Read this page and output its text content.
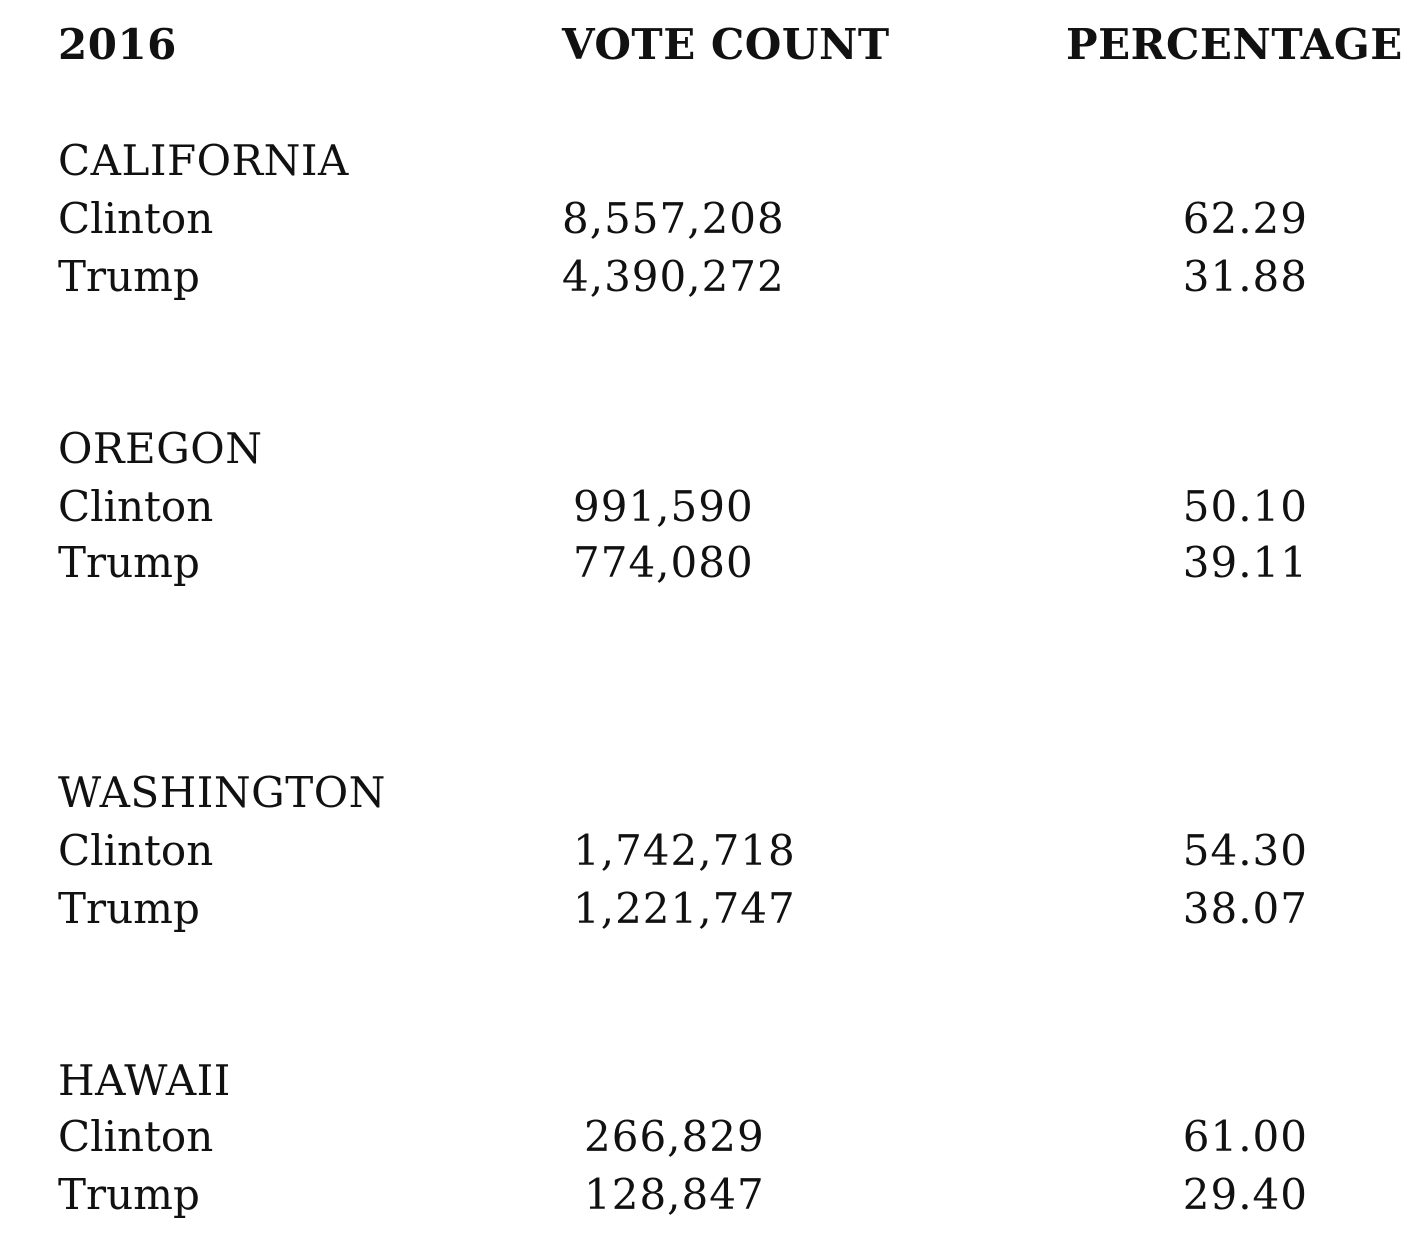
2016	VOTE COUNT	PERCENTAGE
CALIFORNIA
Clinton	8,557,208	62.29
Trump	4,390,272	31.88
OREGON
Clinton	991,590	50.10
Trump	774,080	39.11
WASHINGTON
Clinton	1,742,718	54.30
Trump	1,221,747	38.07
HAWAII
Clinton	266,829	61.00
Trump	128,847	29.40
